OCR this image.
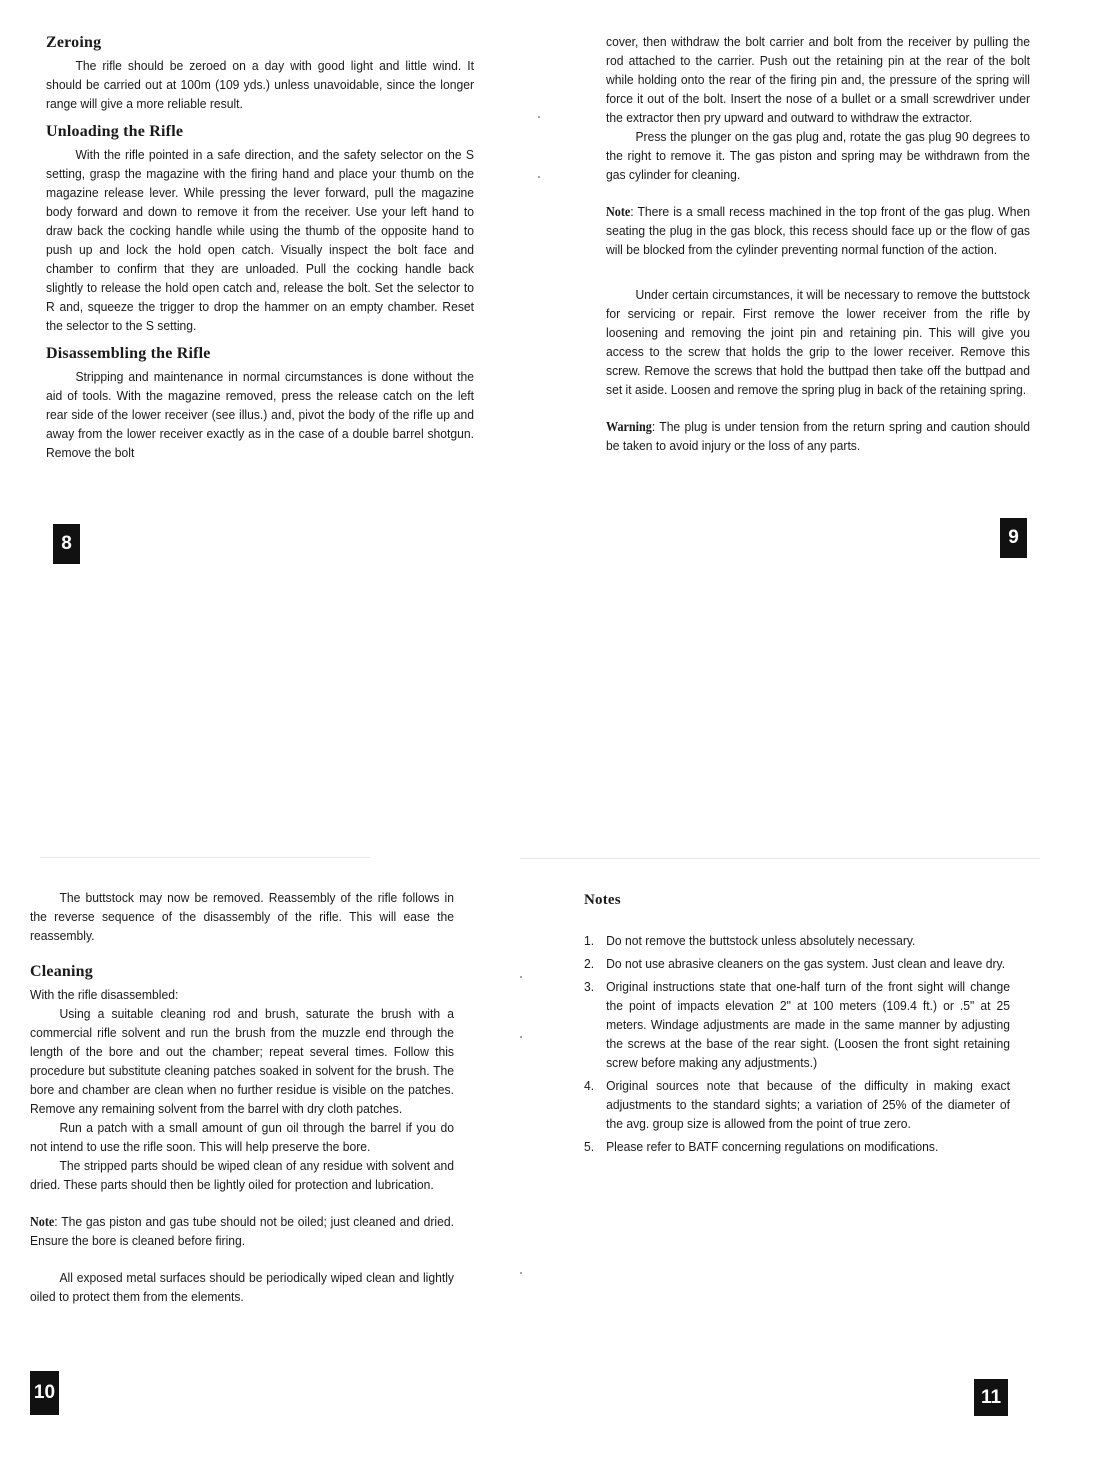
Zeroing

The rifle should be zeroed on a day with good light and little wind. It should be carried out at 100m (109 yds.) unless unavoidable, since the longer range will give a more reliable result.

Unloading the Rifle

With the rifle pointed in a safe direction, and the safety selector on the S setting, grasp the magazine with the firing hand and place your thumb on the magazine release lever. While pressing the lever forward, pull the magazine body forward and down to remove it from the receiver. Use your left hand to draw back the cocking handle while using the thumb of the opposite hand to push up and lock the hold open catch. Visually inspect the bolt face and chamber to confirm that they are unloaded. Pull the cocking handle back slightly to release the hold open catch and, release the bolt. Set the selector to R and, squeeze the trigger to drop the hammer on an empty chamber. Reset the selector to the S setting.

Disassembling the Rifle

Stripping and maintenance in normal circumstances is done without the aid of tools. With the magazine removed, press the release catch on the left rear side of the lower receiver (see illus.) and, pivot the body of the rifle up and away from the lower receiver exactly as in the case of a double barrel shotgun. Remove the bolt

8

cover, then withdraw the bolt carrier and bolt from the receiver by pulling the rod attached to the carrier. Push out the retaining pin at the rear of the bolt while holding onto the rear of the firing pin and, the pressure of the spring will force it out of the bolt. Insert the nose of a bullet or a small screwdriver under the extractor then pry upward and outward to withdraw the extractor.

Press the plunger on the gas plug and, rotate the gas plug 90 degrees to the right to remove it. The gas piston and spring may be withdrawn from the gas cylinder for cleaning.

Note: There is a small recess machined in the top front of the gas plug. When seating the plug in the gas block, this recess should face up or the flow of gas will be blocked from the cylinder preventing normal function of the action.

Under certain circumstances, it will be necessary to remove the buttstock for servicing or repair. First remove the lower receiver from the rifle by loosening and removing the joint pin and retaining pin. This will give you access to the screw that holds the grip to the lower receiver. Remove this screw. Remove the screws that hold the buttpad then take off the buttpad and set it aside. Loosen and remove the spring plug in back of the retaining spring.

Warning: The plug is under tension from the return spring and caution should be taken to avoid injury or the loss of any parts.

9

The buttstock may now be removed. Reassembly of the rifle follows in the reverse sequence of the disassembly of the rifle. This will ease the reassembly.

Cleaning

With the rifle disassembled:

Using a suitable cleaning rod and brush, saturate the brush with a commercial rifle solvent and run the brush from the muzzle end through the length of the bore and out the chamber; repeat several times. Follow this procedure but substitute cleaning patches soaked in solvent for the brush. The bore and chamber are clean when no further residue is visible on the patches. Remove any remaining solvent from the barrel with dry cloth patches.

Run a patch with a small amount of gun oil through the barrel if you do not intend to use the rifle soon. This will help preserve the bore.

The stripped parts should be wiped clean of any residue with solvent and dried. These parts should then be lightly oiled for protection and lubrication.

Note: The gas piston and gas tube should not be oiled; just cleaned and dried. Ensure the bore is cleaned before firing.

All exposed metal surfaces should be periodically wiped clean and lightly oiled to protect them from the elements.

10
Notes
1. Do not remove the buttstock unless absolutely necessary.
2. Do not use abrasive cleaners on the gas system. Just clean and leave dry.
3. Original instructions state that one-half turn of the front sight will change the point of impacts elevation 2" at 100 meters (109.4 ft.) or .5" at 25 meters. Windage adjustments are made in the same manner by adjusting the screws at the base of the rear sight. (Loosen the front sight retaining screw before making any adjustments.)
4. Original sources note that because of the difficulty in making exact adjustments to the standard sights; a variation of 25% of the diameter of the avg. group size is allowed from the point of true zero.
5. Please refer to BATF concerning regulations on modifications.
11
